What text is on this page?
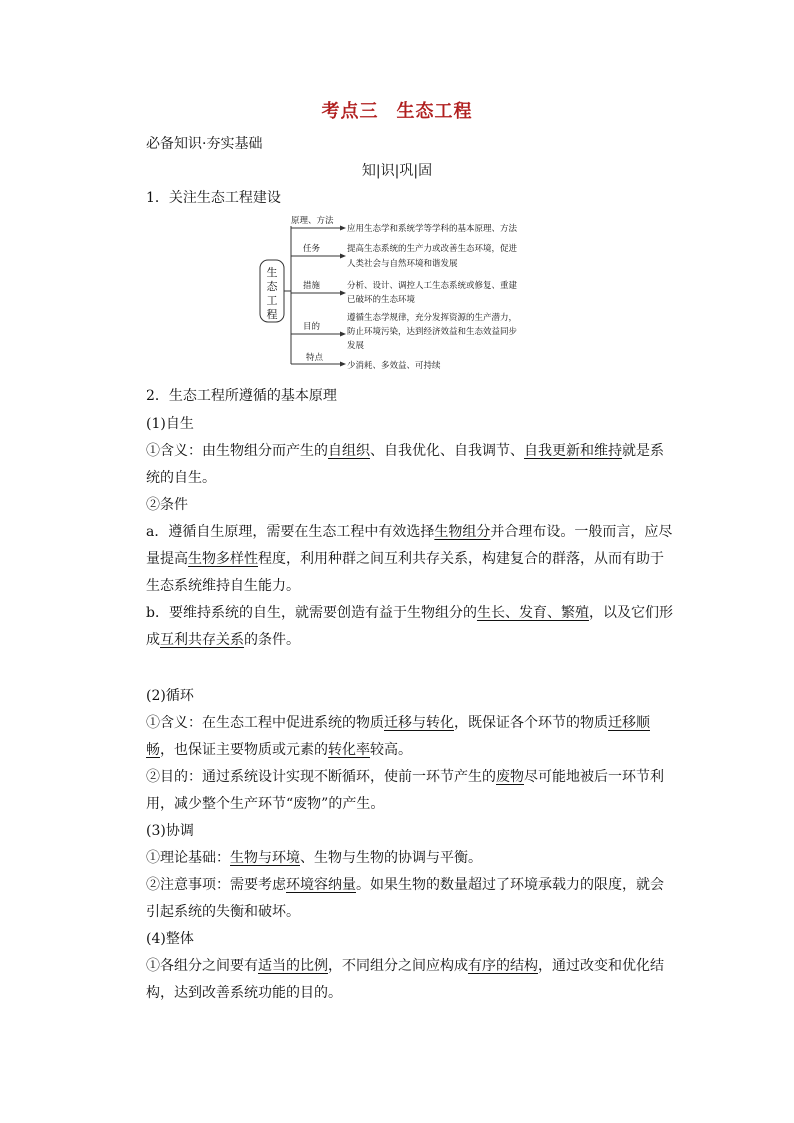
考点三 生态工程
必备知识·夯实基础
知|识|巩|固
1．关注生态工程建设
生
态
工
程
原理、方法
应用生态学和系统学等学科的基本原理、方法
任务	提高生态系统的生产力或改善生态环境，促进
人类社会与自然环境和谐发展
措施	分析、设计、调控人工生态系统或修复、重建
已破坏的生态环境
目的
遵循生态学规律，充分发挥资源的生产潜力，
防止环境污染，达到经济效益和生态效益同步
发展
特点
少消耗、多效益、可持续
2．生态工程所遵循的基本原理

(1)自生

①含义：由生物组分而产生的自组织、自我优化、自我调节、自我更新和维持就是系统的自生。

②条件

a．遵循自生原理，需要在生态工程中有效选择生物组分并合理布设。一般而言，应尽量提高生物多样性程度，利用种群之间互利共存关系，构建复合的群落，从而有助于生态系统维持自生能力。

b．要维持系统的自生，就需要创造有益于生物组分的生长、发育、繁殖，以及它们形成互利共存关系的条件。

(2)循环

①含义：在生态工程中促进系统的物质迁移与转化，既保证各个环节的物质迁移顺畅，也保证主要物质或元素的转化率较高。

②目的：通过系统设计实现不断循环，使前一环节产生的废物尽可能地被后一环节利用，减少整个生产环节“废物”的产生。

(3)协调

①理论基础：生物与环境、生物与生物的协调与平衡。

②注意事项：需要考虑环境容纳量。如果生物的数量超过了环境承载力的限度，就会引起系统的失衡和破坏。

(4)整体

①各组分之间要有适当的比例，不同组分之间应构成有序的结构，通过改变和优化结构，达到改善系统功能的目的。
